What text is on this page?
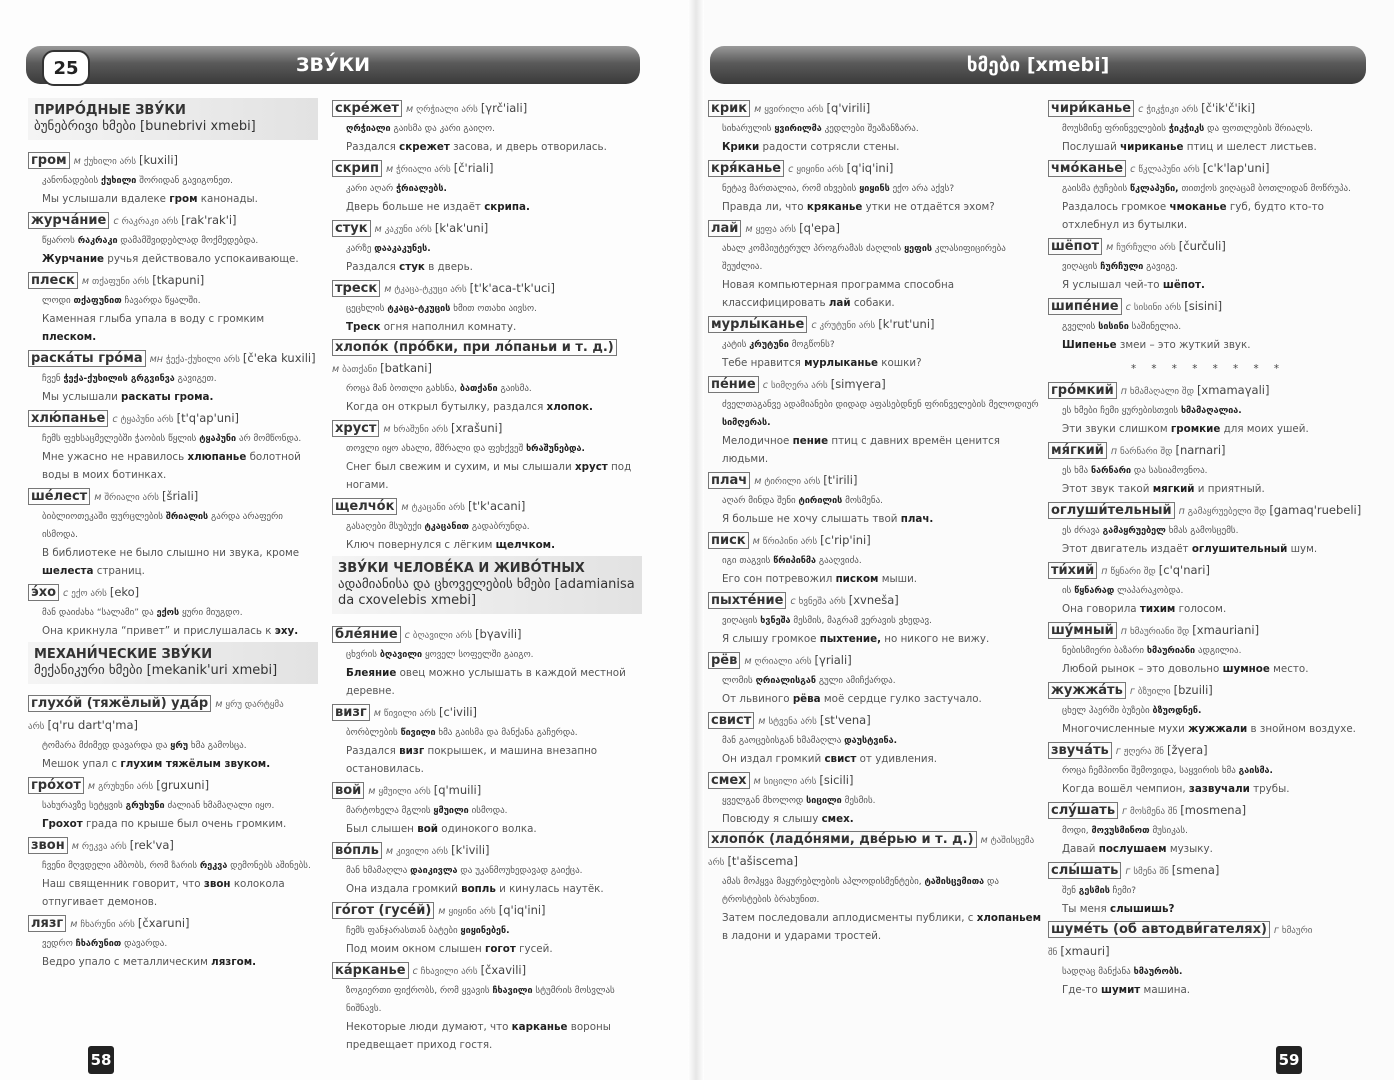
ЗВУ́КИ
25
ПРИРО́ДНЫЕ ЗВУ́КИ
ბუნებრივი ხმები [bunebrivi xmebi]
гром м ქუხილი არს [kuxili]
კანონადების ქუხილი შორიდან გავიგონეთ.
Мы услышали вдалеке гром канонады.
журча́ние с რაკრაკი არს [rak'rak'i]
წყაროს რაკრაკი დამამშვიდებლად მოქმედებდა.
Журчание ручья действовало успокаивающе.
плеск м თქაფუნი არს [tkapuni]
ლოდი თქაფუნით ჩავარდა წყალში.
Каменная глыба упала в воду с громким плеском.
раска́ты гро́ма мн ჭექა-ქუხილი არს [č'eka kuxili]
ჩვენ ჭექა-ქუხილის გრგვინვა გავიგეთ.
Мы услышали раскаты грома.
хлю́панье с ტყაპუნი არს [t'q'ap'uni]
ჩემს ფეხსაცმელებში ჭაობის წყლის ტყაპუნი არ მომწონდა.
Мне ужасно не нравилось хлюпанье болотной воды в моих ботинках.
ше́лест м შრიალი არს [šriali]
ბიბლიოთეკაში ფურცლების შრიალის გარდა არაფერი ისმოდა.
В библиотеке не было слышно ни звука, кроме шелеста страниц.
э́хо с ექო არს [eko]
მან დაიძახა “სალამი” და ექოს ყური მიუგდო.
Она крикнула “привет” и прислушалась к эху.
МЕХАНИ́ЧЕСКИЕ ЗВУ́КИ
მექანიკური ხმები [mekanik'uri xmebi]
глухо́й (тяжёлый) уда́р м ყრუ დარტყმა არს [q'ru dart'q'ma]
ტომარა მძიმედ დავარდა და ყრუ ხმა გამოსცა.
Мешок упал с глухим тяжёлым звуком.
гро́хот м გრუხუნი არს [gruxuni]
სახურავზე სეტყვის გრუხუნი ძალიან ხმამაღალი იყო.
Грохот града по крыше был очень громким.
звон м რეკვა არს [rek'va]
ჩვენი მღვდელი ამბობს, რომ ზარის რეკვა დემონებს აშინებს.
Наш священник говорит, что звон колокола отпугивает демонов.
лязг м ჩხარუნი არს [čxaruni]
ვედრო ჩხარუნით დავარდა.
Ведро упало с металлическим лязгом.
скре́жет м ღრჭიალი არს [γrč'iali]
ღრჭიალი გაისმა და კარი გაიღო.
Раздался скрежет засова, и дверь отворилась.
скрип м ჭრიალი არს [č'riali]
კარი აღარ ჭრიალებს.
Дверь больше не издаёт скрипа.
стук м კაკუნი არს [k'ak'uni]
კარზე დააკაკუნეს.
Раздался стук в дверь.
треск м ტკაცა-ტკუცი არს [t'k'aca-t'k'uci]
ცეცხლის ტკაცა-ტკუცის ხმით ოთახი აივსო.
Треск огня наполнил комнату.
хлопо́к (про́бки, при ло́паньи и т. д.)м ბათქანი [batkani]
როცა მან ბოთლი გახსნა, ბათქანი გაისმა.
Когда он открыл бутылку, раздался хлопок.
хруст м ხრაშუნი არს [xrašuni]
თოვლი იყო ახალი, მშრალი და ფეხქვეშ ხრაშუნებდა.
Снег был свежим и сухим, и мы слышали хруст под ногами.
щелчо́к м ტკაცანი არს [t'k'acani]
გასაღები მსუბუქი ტკაცანით გადაბრუნდა.
Ключ повернулся с лёгким щелчком.
ЗВУ́КИ ЧЕЛОВЕ́КА И ЖИВО́ТНЫХ
ადამიანისა და ცხოველების ხმები [adamianisa da cxovelebis xmebi]
бле́яние с ბღავილი არს [bγavili]
ცხვრის ბღავილი ყოველ სოფელში გაიგო.
Блеяние овец можно услышать в каждой местной деревне.
визг м წივილი არს [c'ivili]
ბორბლების წივილი ხმა გაისმა და მანქანა გაჩერდა.
Раздался визг покрышек, и машина внезапно остановилась.
вой м ყმუილი არს [q'muili]
მარტოხელა მგლის ყმუილი ისმოდა.
Был слышен вой одинокого волка.
во́пль м კივილი არს [k'ivili]
მან ხმამაღლა დაიკივლა და უკანმოუხედავად გაიქცა.
Она издала громкий вопль и кинулась наутёк.
го́гот (гусе́й) м ყიყინი არს [q'iq'ini]
ჩემს ფანჯარასთან ბატები ყიყინებენ.
Под моим окном слышен гогот гусей.
ка́рканье с ჩხავილი არს [čxavili]
ზოგიერთი ფიქრობს, რომ ყვავის ჩხავილი სტუმრის მოსვლას ნიშნავს.
Некоторые люди думают, что карканье вороны предвещает приход гостя.
58
ხმები [xmebi]
крик м ყვირილი არს [q'virili]
სიხარულის ყვირილმა კედლები შეაზანზარა.
Крики радости сотрясли стены.
кря́канье с ყიყინი არს [q'iq'ini]
ნეტავ მართალია, რომ იხვების ყიყინს ექო არა აქვს?
Правда ли, что кряканье утки не отдаётся эхом?
лай м ყეფა არს [q'epa]
ახალ კომპიუტერულ პროგრამას ძაღლის ყეფის კლასიფიცირება შეუძლია.
Новая компьютерная программа способна классифицировать лай собаки.
мурлы́канье с კრუტუნი არს [k'rut'uni]
კატის კრუტუნი მოგწონს?
Тебе нравится мурлыканье кошки?
пе́ние с სიმღერა არს [simγera]
ძველთაგანვე ადამიანები დიდად აფასებდნენ ფრინველების მელოდიურ სიმღერას.
Мелодичное пение птиц с давних времён ценится людьми.
плач м ტირილი არს [t'irili]
აღარ მინდა შენი ტირილის მოსმენა.
Я больше не хочу слышать твой плач.
писк м წრიპინი არს [c'rip'ini]
იგი თაგვის წრიპინმა გააღვიძა.
Его сон потревожил писком мыши.
пыхте́ние с ხვნეშა არს [xvneša]
ვიღაცის ხვნეშა მესმის, მაგრამ ვერავის ვხედავ.
Я слышу громкое пыхтение, но никого не вижу.
рёв м ღრიალი არს [γriali]
ლომის ღრიალისგან გული ამიჩქარდა.
От львиного рёва моё сердце гулко застучало.
свист м სტვენა არს [st'vena]
მან გაოცებისგან ხმამაღლა დაუსტვინა.
Он издал громкий свист от удивления.
смех м სიცილი არს [sicili]
ყველგან მხოლოდ სიცილი მესმის.
Повсюду я слышу смех.
хлопо́к (ладо́нями, две́рью и т. д.) м ტაშისცემა არს [t'ašiscema]
ამას მოჰყვა მაყურებლების აპლოდისმენტები, ტაშისცემითა და ტროსტების ბრახუნით.
Затем последовали аплодисменты публики, с хлопаньем в ладони и ударами тростей.
чири́канье с ჭიკჭიკი არს [č'ik'č'iki]
მოუსმინე ფრინველების ჭიკჭიკს და ფოთლების შრიალს.
Послушай чириканье птиц и шелест листьев.
чмо́канье с წკლაპუნი არს [c'k'lap'uni]
გაისმა ტუჩების წკლაპუნი, თითქოს ვიღაცამ ბოთლიდან მოწრუპა.
Раздалось громкое чмоканье губ, будто кто-то отхлебнул из бутылки.
шёпот м ჩურჩული არს [čurčuli]
ვიღაცის ჩურჩული გავიგე.
Я услышал чей-то шёпот.
шипе́ние с სისინი არს [sisini]
გველის სისინი საშინელია.
Шипенье змеи – это жуткий звук.
* * * * * * * *
гро́мкий п ხმამაღალი შდ [xmamaγali]
ეს ხმები ჩემი ყურებისთვის ხმამაღალია.
Эти звуки слишком громкие для моих ушей.
мя́гкий п ნარნარი შდ [narnari]
ეს ხმა ნარნარი და სასიამოვნოა.
Этот звук такой мягкий и приятный.
оглуши́тельный п გამაყრუებელი შდ [gamaq'ruebeli]
ეს ძრავა გამაყრუებელ ხმას გამოსცემს.
Этот двигатель издаёт оглушительный шум.
ти́хий п წყნარი შდ [c'q'nari]
ის წყნარად ლაპარაკობდა.
Она говорила тихим голосом.
шу́мный п ხმაურიანი შდ [xmauriani]
ნებისმიერი ბაზარი ხმაურიანი ადგილია.
Любой рынок – это довольно шумное место.
жужжа́ть г ბზუილი [bzuili]
ცხელ ჰაერში ბუზები ბზუოდნენ.
Многочисленные мухи жужжали в знойном воздухе.
звуча́ть г ჟღერა შნ [žγera]
როცა ჩემპიონი შემოვიდა, საყვირის ხმა გაისმა.
Когда вошёл чемпион, зазвучали трубы.
слу́шать г მოსმენა შნ [mosmena]
მოდი, მოვუსმინოთ მუსიკას.
Давай послушаем музыку.
слы́шать г სმენა შნ [smena]
შენ გესმის ჩემი?
Ты меня слышишь?
шуме́ть (об автодви́гателях) г ხმაური შნ [xmauri]
სადღაც მანქანა ხმაურობს.
Где-то шумит машина.
59
